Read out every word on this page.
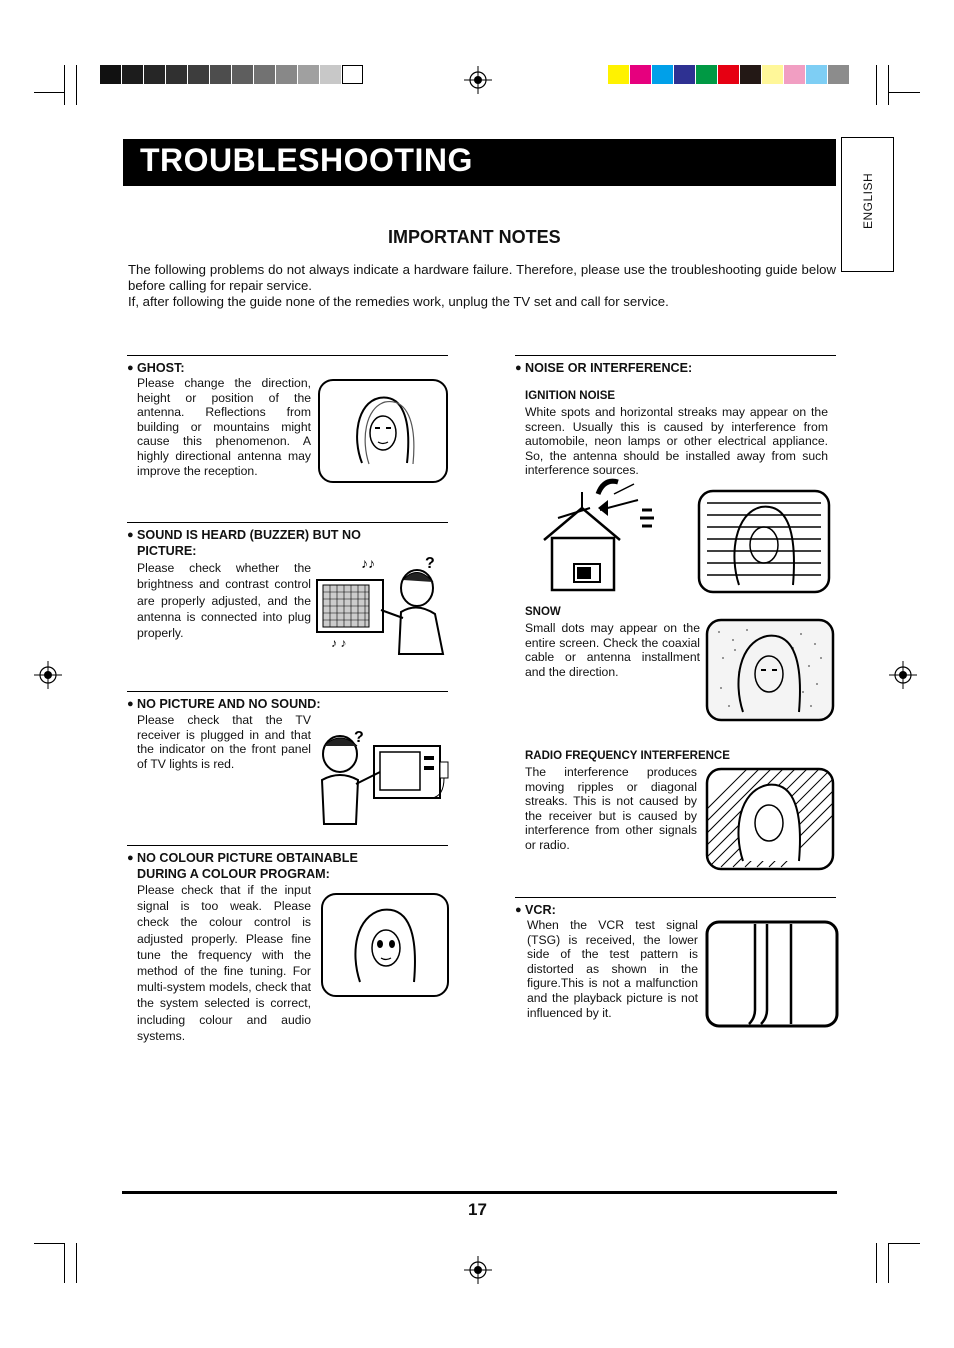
TROUBLESHOOTING
ENGLISH
IMPORTANT NOTES
The following problems do not always indicate a hardware failure. Therefore, please use the troubleshooting guide below before calling for repair service.
If, after following the guide none of the remedies work, unplug the TV set and call for service.
● GHOST:
Please change the direction, height or position of the antenna. Reflections from building or mountains might cause this phenomenon. A highly directional antenna may improve the reception.
● SOUND IS HEARD (BUZZER) BUT NO
PICTURE:
Please check whether the brightness and contrast control are properly adjusted, and the antenna is connected into plug properly.
♪♪	?
♪ ♪
● NO PICTURE AND NO SOUND:
Please check that the TV receiver is plugged in and that the indicator on the front panel of TV lights is red.
?
● NO COLOUR PICTURE OBTAINABLE
DURING A COLOUR PROGRAM:
Please check that if the input signal is too weak. Please check the colour control is adjusted properly. Please fine tune the frequency with the method of the fine tuning. For multi-system models, check that the system selected is correct, including colour and audio systems.
● NOISE OR INTERFERENCE:
IGNITION NOISE
White spots and horizontal streaks may appear on the screen. Usually this is caused by interference from automobile, neon lamps or other electrical appliance. So, the antenna should be installed away from such interference sources.
SNOW
Small dots may appear on the entire screen. Check the coaxial cable or antenna installment and the direction.
RADIO FREQUENCY INTERFERENCE
The interference produces moving ripples or diagonal streaks. This is not caused by the receiver but is caused by interference from other signals or radio.
● VCR:
When the VCR test signal (TSG) is received, the lower side of the test pattern is distorted as shown in the figure.This is not a malfunction and the playback picture is not influenced by it.
17
